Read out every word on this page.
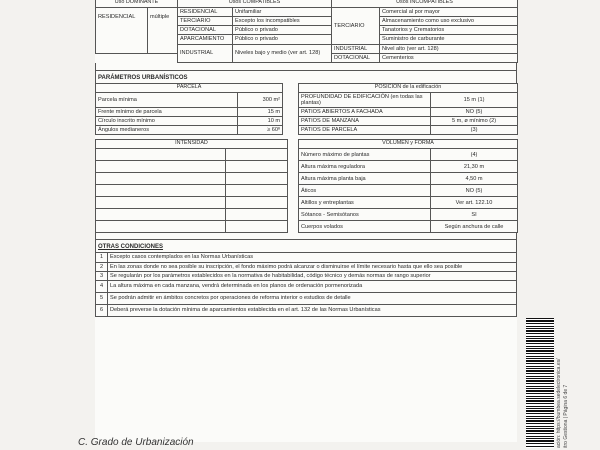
Uso DOMINANTE		Usos COMPATIBLES		Usos INCOMPATIBLES	
RESIDENCIAL	múltiple	RESIDENCIAL	Unifamiliar	TERCIARIO	Comercial al por mayor
		TERCIARIO	Excepto los incompatibles		Almacenamiento como uso exclusivo
		DOTACIONAL	Público o privado		Tanatorios y Crematorios
		APARCAMIENTO	Público o privado		Suministro de carburante
		INDUSTRIAL	Niveles bajo y medio (ver art. 128)	INDUSTRIAL	Nivel alto (ver art. 128)
				DOTACIONAL	Cementerios
PARÁMETROS URBANÍSTICOS
PARCELA			POSICIÓN de la edificación	
Parcela mínima	300 m²		PROFUNDIDAD DE EDIFICACIÓN (en todas las plantas)	15 m (1)
Frente mínimo de parcela	15 m		PATIOS ABIERTOS A FACHADA	NO (5)
Círculo inscrito mínimo	10 m		PATIOS DE MANZANA	5 m, ø mínimo (2)
Ángulos medianeros	≥ 60º		PATIOS DE PARCELA	(3)
INTENSIDAD			VOLUMEN y FORMA	
			Número máximo de plantas	(4)
			Altura máxima reguladora	21,30 m
			Altura máxima planta baja	4,50 m
			Áticos	NO (5)
			Altillos y entreplantas	Ver art. 122.10
			Sótanos - Semisótanos	SI
			Cuerpos volados	Según anchura de calle
OTRAS CONDICIONES
1	Excepto casos contemplados en las Normas Urbanísticas
2	En las zonas donde no sea posible su inscripción, el fondo máximo podrá alcanzar o disminuirse el límite necesario hasta que ello sea posible
3	Se regularán por los parámetros establecidos en la normativa de habitabilidad, código técnico y demás normas de rango superior
4	La altura máxima en cada manzana, vendrá determinada en los planos de ordenación pormenorizada
5	Se podrán admitir en ámbitos concretos por operaciones de reforma interior o estudios de detalle
6	Deberá preverse la dotación mínima de aparcamientos establecida en el art. 132 de las Normas Urbanísticas
ación: https://bumbea.sedelectronica.es/ itro Gestiona | Página 6 de 7
C. Grado de Urbanización
